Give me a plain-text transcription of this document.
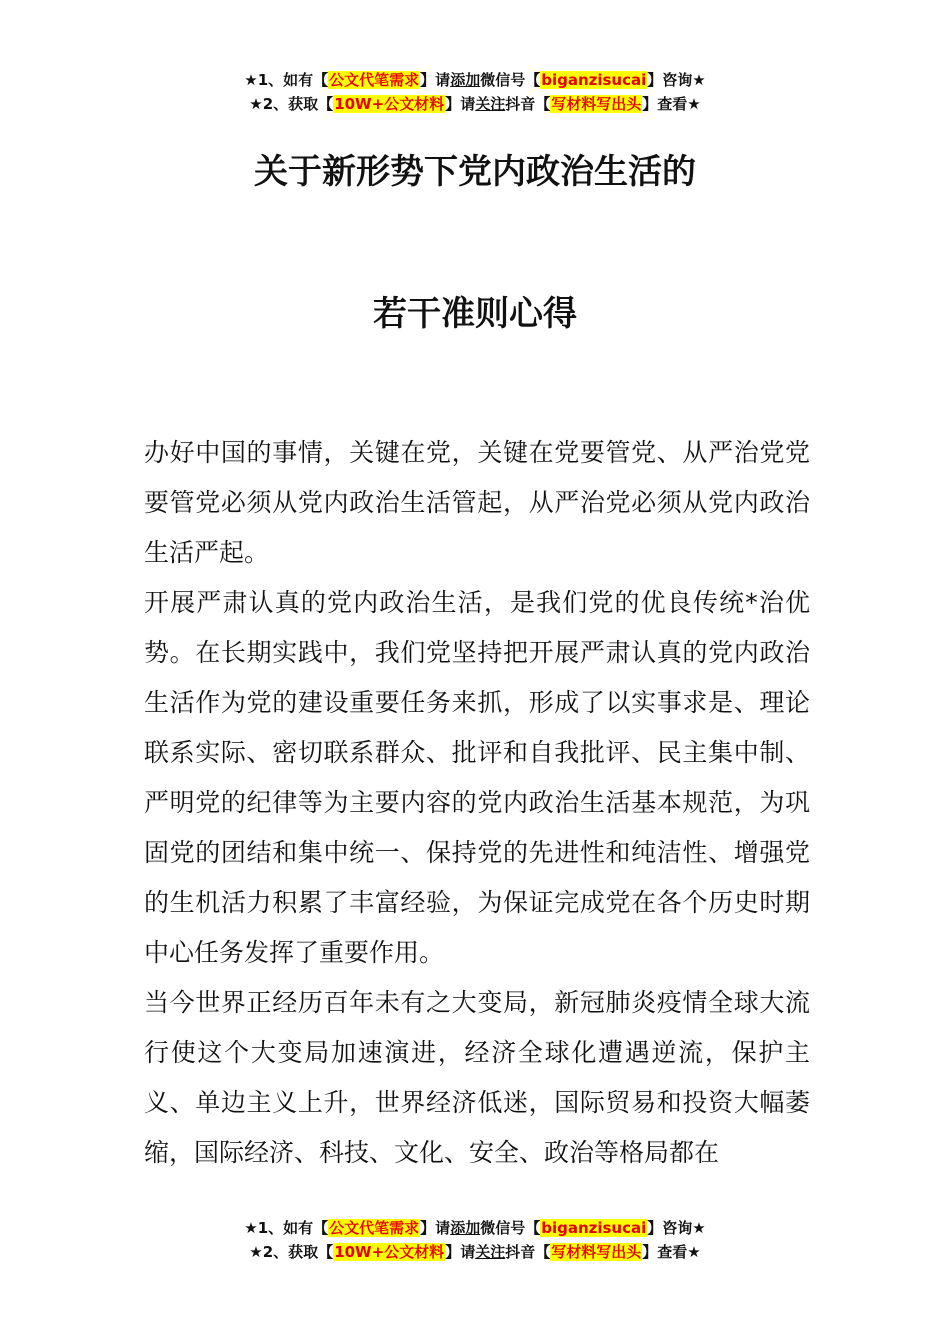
★1、如有【公文代笔需求】请添加微信号【biganzisucai】咨询★
★2、获取【10W+公文材料】请关注抖音【写材料写出头】查看★
关于新形势下党内政治生活的
若干准则心得

办好中国的事情，关键在党，关键在党要管党、从严治党党要管党必须从党内政治生活管起，从严治党必须从党内政治生活严起。

开展严肃认真的党内政治生活，是我们党的优良传统*治优势。在长期实践中，我们党坚持把开展严肃认真的党内政治生活作为党的建设重要任务来抓，形成了以实事求是、理论联系实际、密切联系群众、批评和自我批评、民主集中制、严明党的纪律等为主要内容的党内政治生活基本规范，为巩固党的团结和集中统一、保持党的先进性和纯洁性、增强党的生机活力积累了丰富经验，为保证完成党在各个历史时期中心任务发挥了重要作用。

当今世界正经历百年未有之大变局，新冠肺炎疫情全球大流行使这个大变局加速演进，经济全球化遭遇逆流，保护主义、单边主义上升，世界经济低迷，国际贸易和投资大幅萎缩，国际经济、科技、文化、安全、政治等格局都在

★1、如有【公文代笔需求】请添加微信号【biganzisucai】咨询★
★2、获取【10W+公文材料】请关注抖音【写材料写出头】查看★
